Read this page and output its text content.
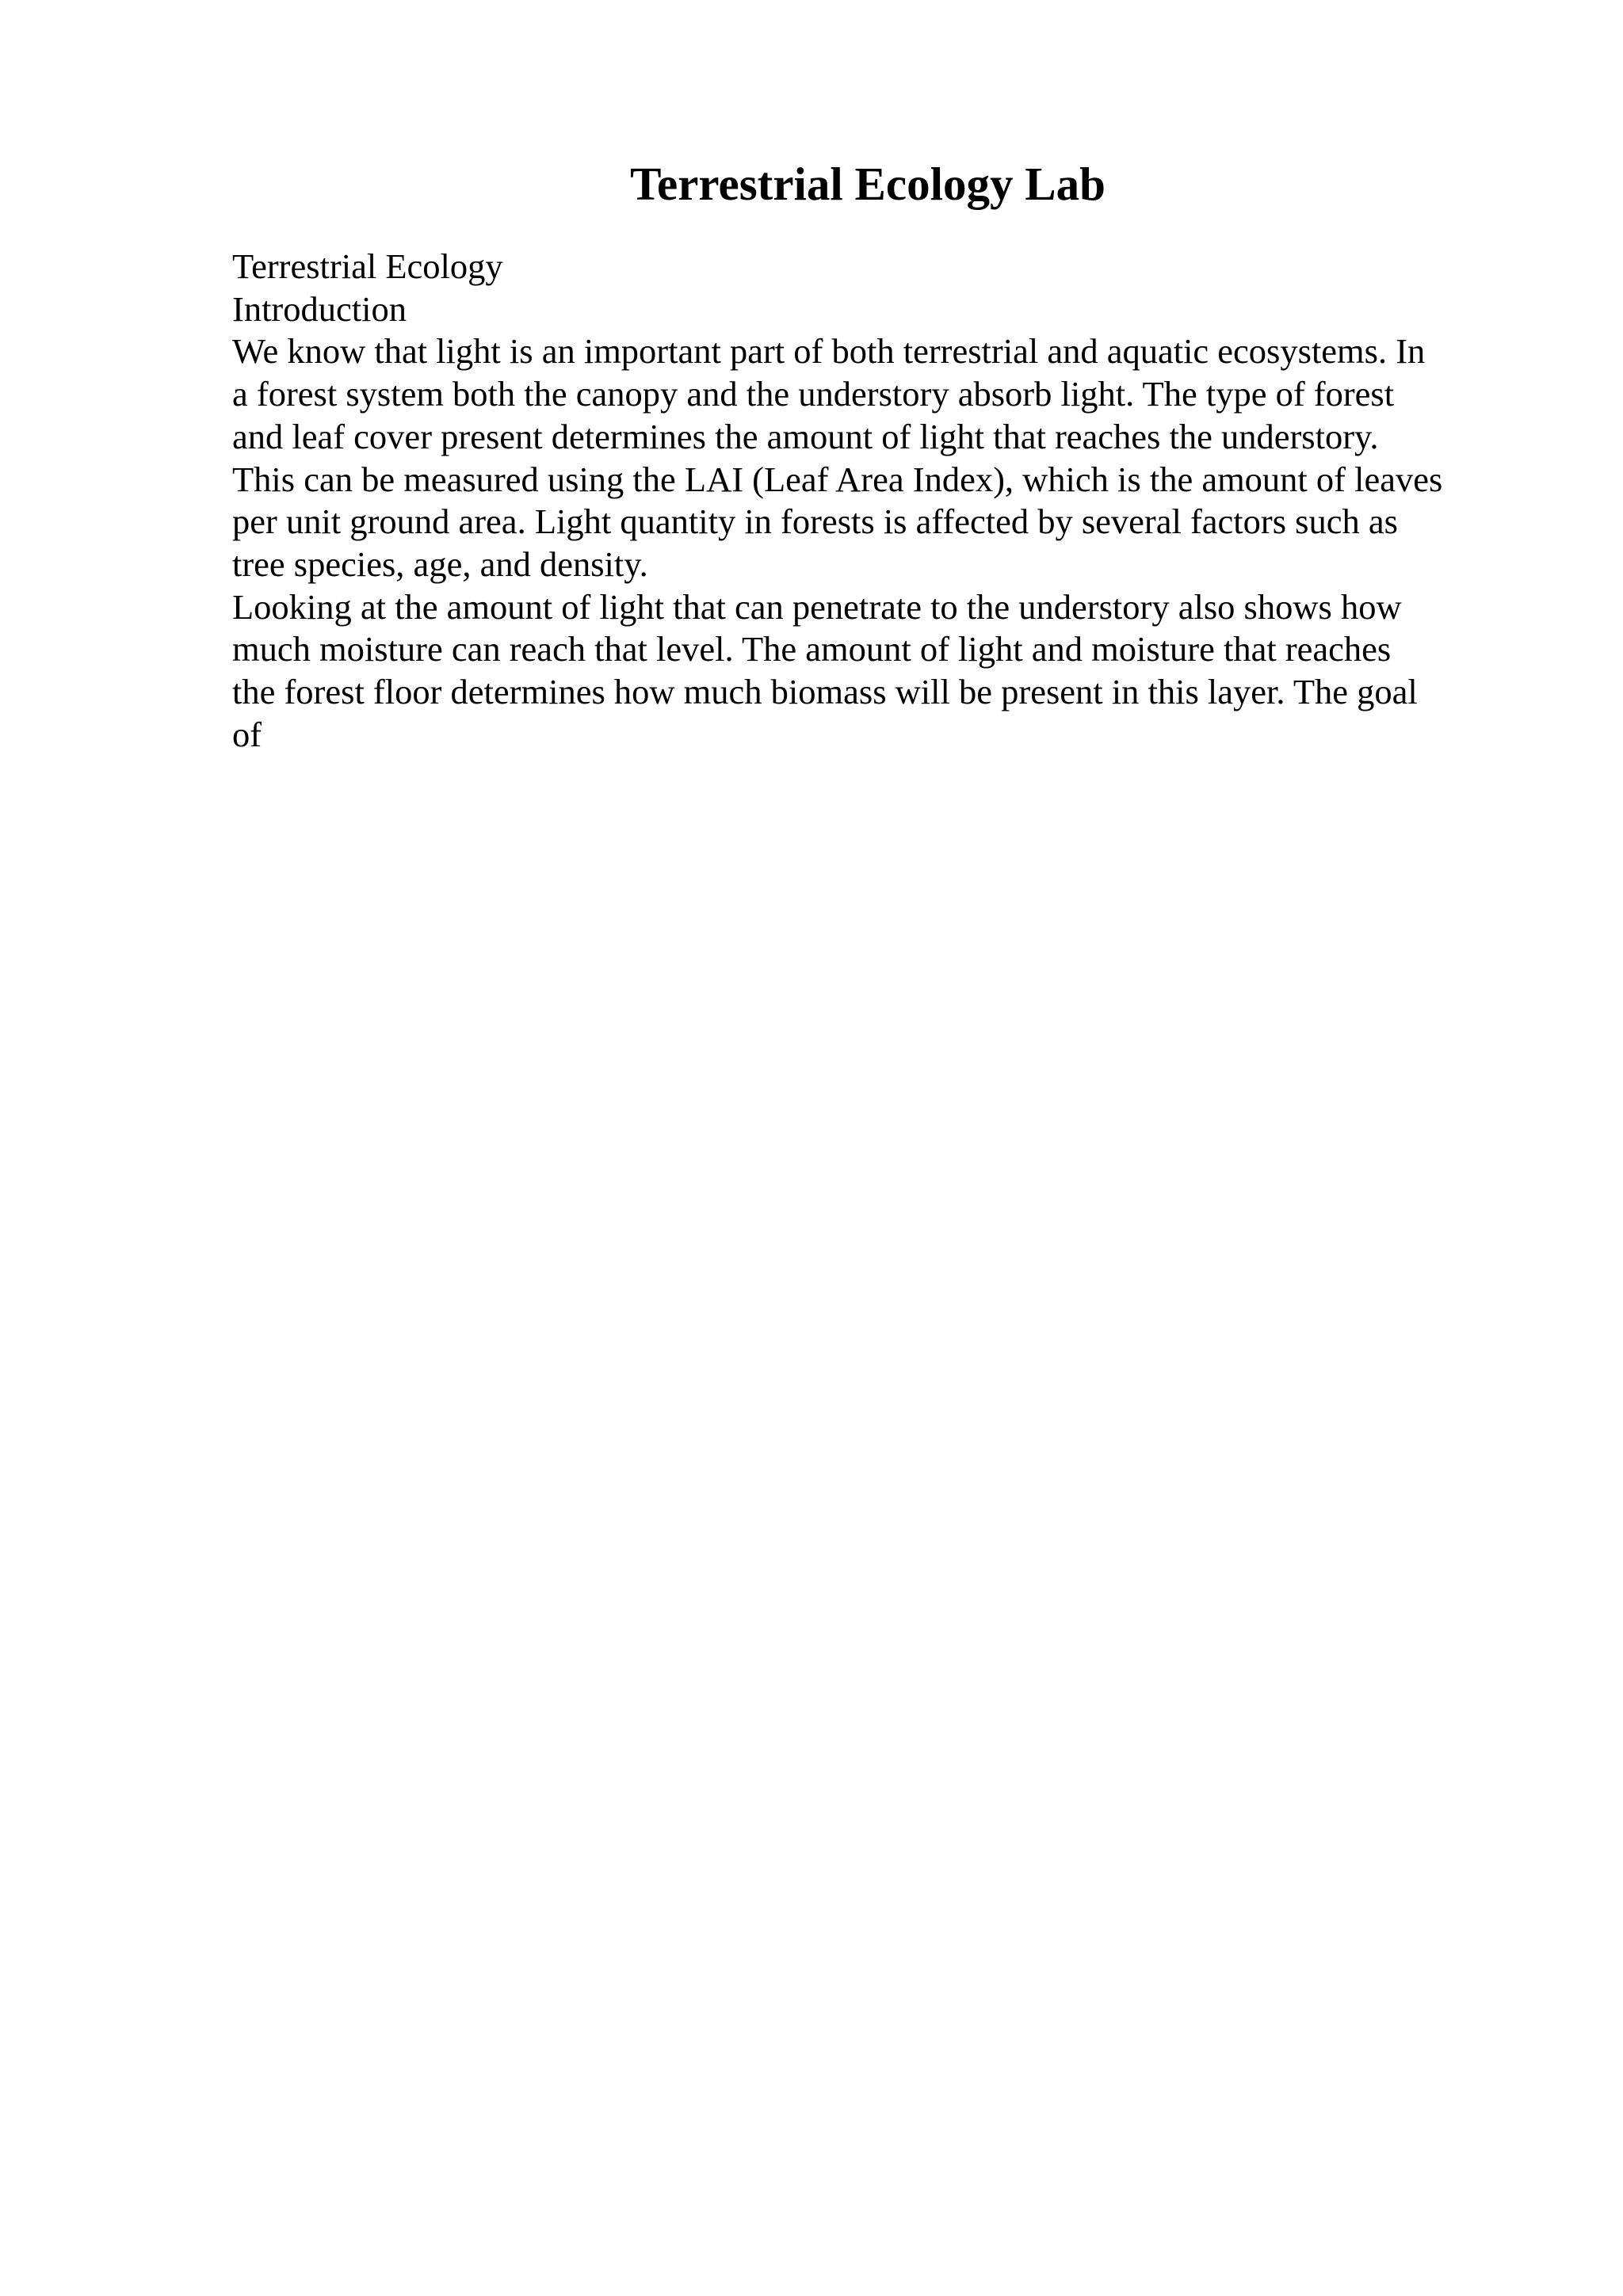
Terrestrial Ecology Lab
Terrestrial Ecology
Introduction
We know that light is an important part of both terrestrial and aquatic ecosystems. In
a forest system both the canopy and the understory absorb light. The type of forest
and leaf cover present determines the amount of light that reaches the understory.
This can be measured using the LAI (Leaf Area Index), which is the amount of leaves
per unit ground area. Light quantity in forests is affected by several factors such as
tree species, age, and density.
Looking at the amount of light that can penetrate to the understory also shows how
much moisture can reach that level. The amount of light and moisture that reaches
the forest floor determines how much biomass will be present in this layer. The goal
of
